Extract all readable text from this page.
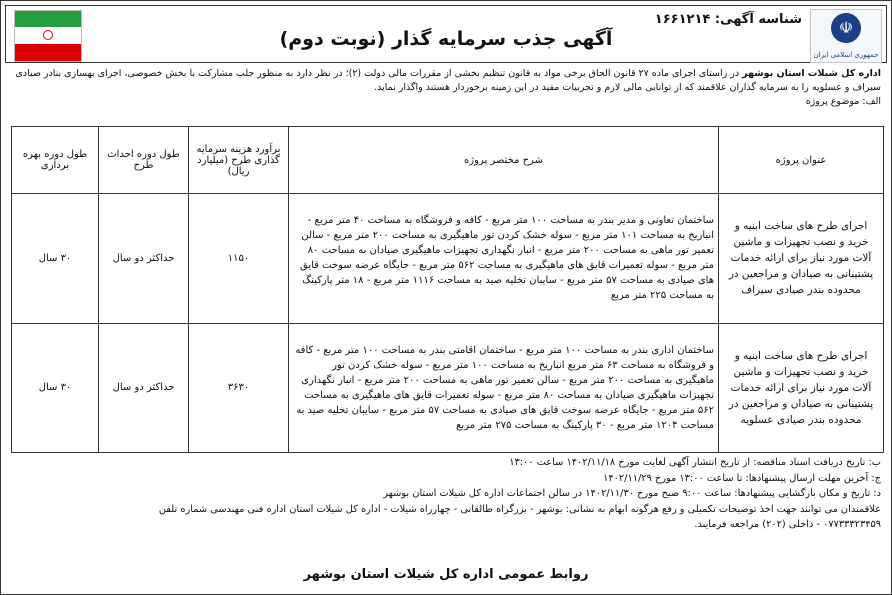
☫
جمهوری اسلامی ایران
شناسه آگهی: ۱۶۶۱۲۱۴
آگهی جذب سرمایه گذار (نوبت دوم)
اداره کل شیلات استان بوشهر در راستای اجرای ماده ۲۷ قانون الحاق برخی مواد به قانون تنظیم بخشی از مقررات مالی دولت (۲)؛ در نظر دارد به منظور جلب مشارکت با بخش خصوصی، اجرای بهسازی بنادر صیادی
سیراف و عسلویه را به سرمایه گذاران علاقمند که از توانایی مالی لازم و تجربیات مفید در این زمینه برخوردار هستند واگذار نماید.
الف: موضوع پروژه
عنوان پروژه	شرح مختصر پروژه	برآورد هزینه سرمایه گذاری طرح (میلیارد ریال)	طول دوره احداث طرح	طول دوره بهره برداری
اجرای طرح های ساخت ابنیه و خرید و نصب تجهیزات و ماشین آلات مورد نیاز برای ارائه خدمات پشتیبانی به صیادان و مراجعین در محدوده بندر صیادی سیراف	ساختمان تعاونی و مدیر بندر به مساحت ۱۰۰ متر مربع - کافه و فروشگاه به مساحت ۴۰ متر مربع - انباریخ به مساحت ۱۰۱ متر مربع - سوله خشک کردن تور ماهیگیری به مساحت ۲۰۰ متر مربع - سالن تعمیر تور ماهی به مساحت ۲۰۰ متر مربع - انبار نگهداری تجهیزات ماهیگیری صیادان به مساحت ۸۰ متر مربع - سوله تعمیرات قایق های ماهیگیری به مساحت ۵۶۲ متر مربع - جایگاه عرضه سوخت قایق های صیادی به مساحت ۵۷ متر مربع - سایبان تخلیه صید به مساحت ۱۱۱۶ متر مربع - ۱۸ متر پارکینگ به مساحت ۲۲۵ متر مربع	۱۱۵۰	حداکثر دو سال	۳۰ سال
اجرای طرح های ساخت ابنیه و خرید و نصب تجهیزات و ماشین آلات مورد نیاز برای ارائه خدمات پشتیبانی به صیادان و مراجعین در محدوده بندر صیادی عسلویه	ساختمان اداری بندر به مساحت ۱۰۰ متر مربع - ساختمان اقامتی بندر به مساحت ۱۰۰ متر مربع - کافه و فروشگاه به مساحت ۶۳ متر مربع انباریخ به مساحت ۱۰۰ متر مربع - سوله خشک کردن تور ماهیگیری به مساحت ۲۰۰ متر مربع - سالن تعمیر تور ماهی به مساحت ۲۰۰ متر مربع - انبار نگهداری تجهیزات ماهیگیری صیادان به مساحت ۸۰ متر مربع - سوله تعمیرات قایق های ماهیگیری به مساحت ۵۶۲ متر مربع - جایگاه عرضه سوخت قایق های صیادی به مساحت ۵۷ متر مربع - سایبان تخلیه صید به مساحت ۱۲۰۴ متر مربع - ۳۰ پارکینگ به مساحت ۲۷۵ متر مربع	۳۶۳۰	حداکثر دو سال	۳۰ سال
ب: تاریخ دریافت اسناد مناقصه: از تاریخ انتشار آگهی لغایت مورخ ۱۴۰۲/۱۱/۱۸ ساعت ۱۳:۰۰
ج: آخرین مهلت ارسال پیشنهادها: تا ساعت ۱۳:۰۰ مورخ ۱۴۰۲/۱۱/۲۹
د: تاریخ و مکان بازگشایی پیشنهادها: ساعت ۹:۰۰ صبح مورخ ۱۴۰۲/۱۱/۳۰ در سالن اجتماعات اداره کل شیلات استان بوشهر
علاقمندان می توانند جهت اخذ توضیحات تکمیلی و رفع هرگونه ابهام به نشانی: بوشهر - بزرگراه طالقانی - چهارراه شیلات - اداره کل شیلات استان اداره فنی مهندسی شماره تلفن
۰۷۷۳۳۳۲۳۴۵۹ - داخلی (۲۰۲) مراجعه فرمایند.
روابط عمومی اداره کل شیلات استان بوشهر
